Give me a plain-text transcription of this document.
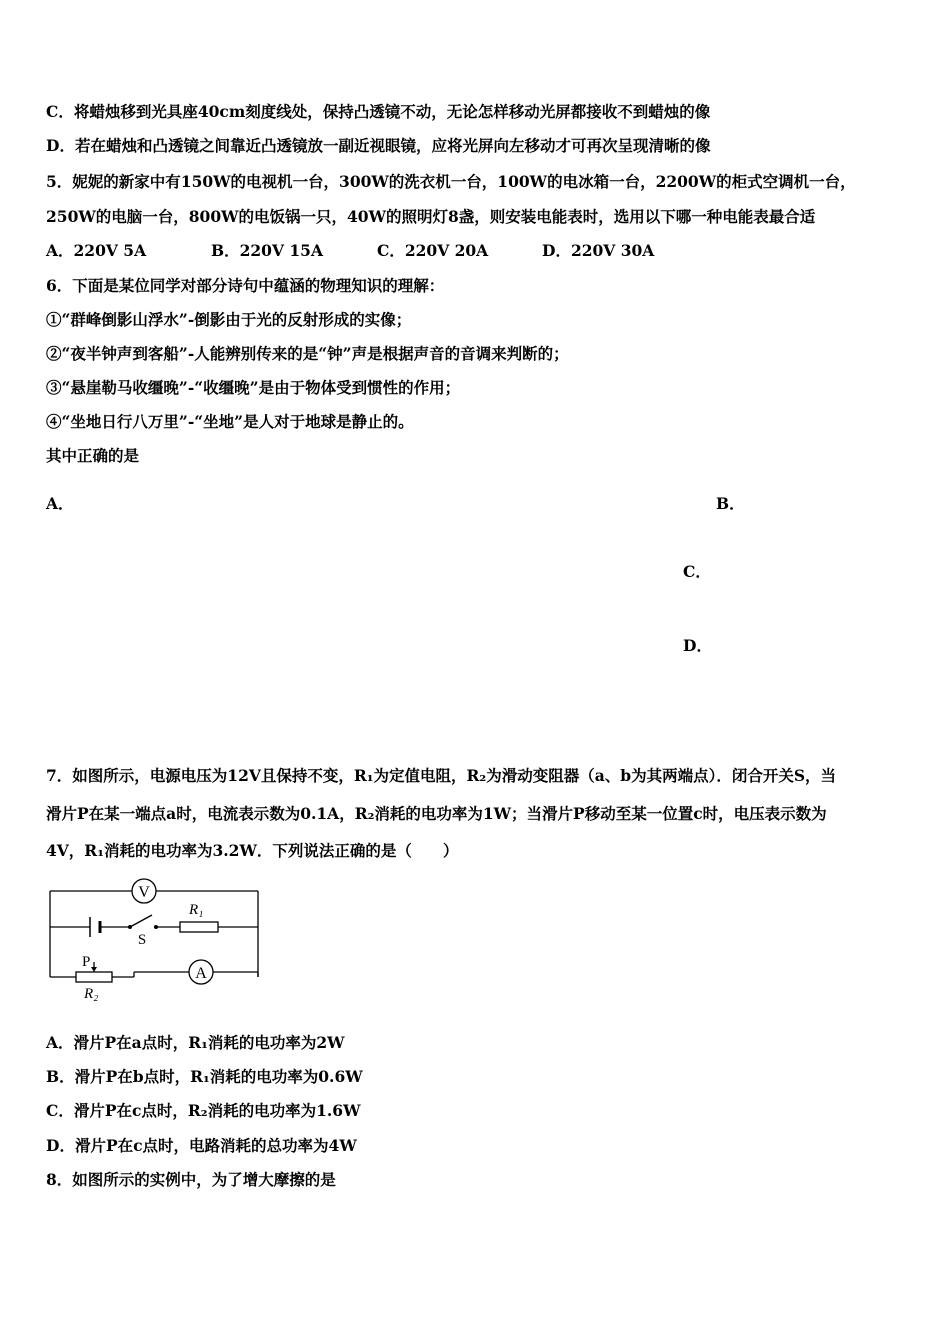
C．将蜡烛移到光具座40cm刻度线处，保持凸透镜不动，无论怎样移动光屏都接收不到蜡烛的像
D．若在蜡烛和凸透镜之间靠近凸透镜放一副近视眼镜，应将光屏向左移动才可再次呈现清晰的像
5．妮妮的新家中有150W的电视机一台，300W的洗衣机一台，100W的电冰箱一台，2200W的柜式空调机一台，
250W的电脑一台，800W的电饭锅一只，40W的照明灯8盏，则安装电能表时，选用以下哪一种电能表最合适
A．220V 5A	B．220V 15A	C．220V 20A	D．220V 30A
6．下面是某位同学对部分诗句中蕴涵的物理知识的理解：
①“群峰倒影山浮水”-倒影由于光的反射形成的实像；
②“夜半钟声到客船”-人能辨别传来的是“钟”声是根据声音的音调来判断的；
③“悬崖勒马收缰晚”-“收缰晚”是由于物体受到惯性的作用；
④“坐地日行八万里”-“坐地”是人对于地球是静止的。
其中正确的是
A．	B．
C．
D．
7．如图所示，电源电压为12V且保持不变，R₁为定值电阻，R₂为滑动变阻器（a、b为其两端点）．闭合开关S，当
滑片P在某一端点a时，电流表示数为0.1A，R₂消耗的电功率为1W；当滑片P移动至某一位置c时，电压表示数为
4V，R₁消耗的电功率为3.2W．下列说法正确的是（　　）
V
S
R₁
P
R₂
A
A．滑片P在a点时，R₁消耗的电功率为2W
B．滑片P在b点时，R₁消耗的电功率为0.6W
C．滑片P在c点时，R₂消耗的电功率为1.6W
D．滑片P在c点时，电路消耗的总功率为4W
8．如图所示的实例中，为了增大摩擦的是
